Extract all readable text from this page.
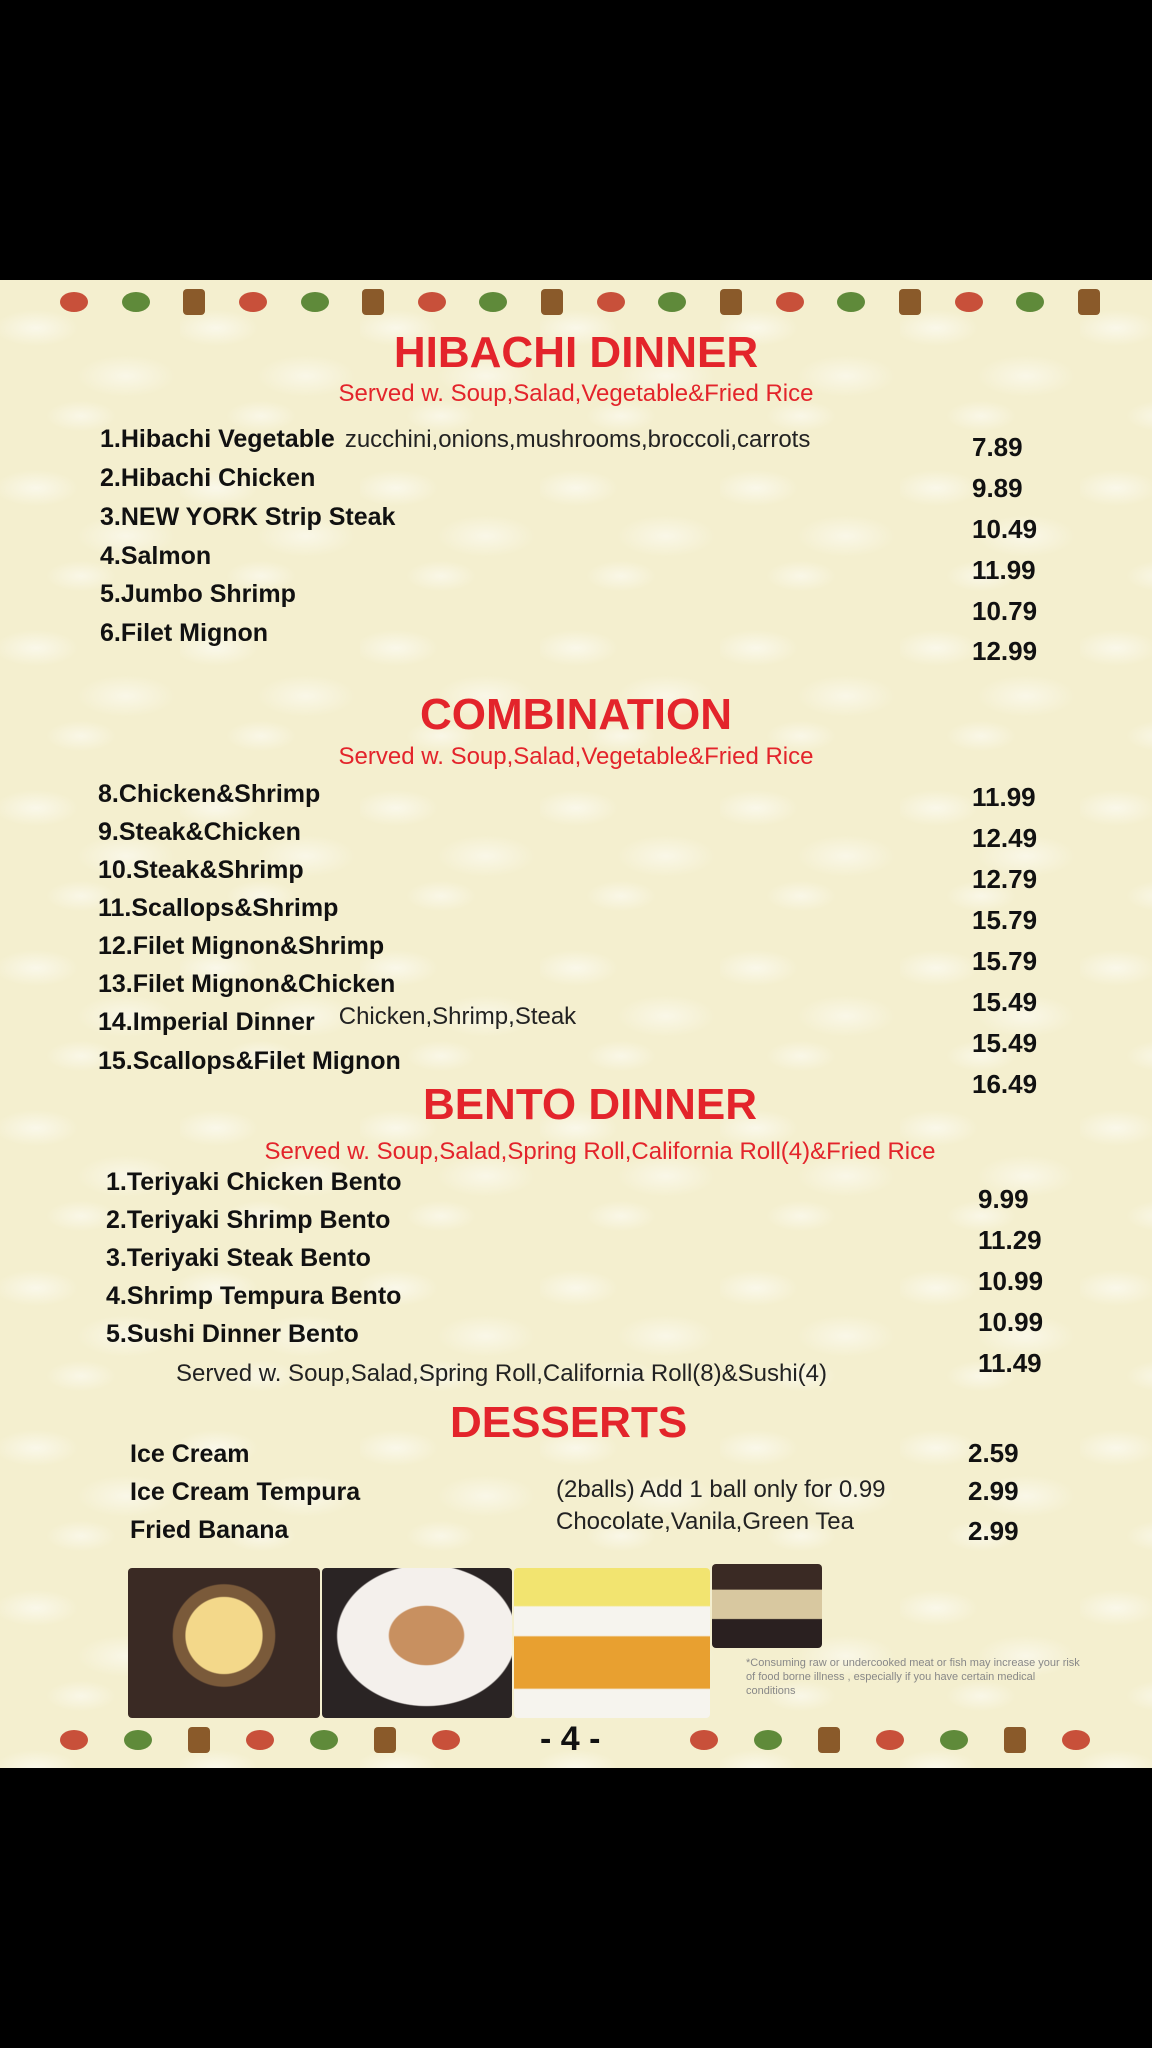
HIBACHI DINNER
Served w. Soup,Salad,Vegetable&Fried Rice
1.Hibachi Vegetable zucchini,onions,mushrooms,broccoli,carrots
2.Hibachi Chicken
3.NEW YORK Strip Steak
4.Salmon
5.Jumbo Shrimp
6.Filet Mignon
7.89
9.89
10.49
11.99
10.79
12.99
COMBINATION
Served w. Soup,Salad,Vegetable&Fried Rice
8.Chicken&Shrimp
9.Steak&Chicken
10.Steak&Shrimp
11.Scallops&Shrimp
12.Filet Mignon&Shrimp
13.Filet Mignon&Chicken
14.Imperial Dinner Chicken,Shrimp,Steak
15.Scallops&Filet Mignon
11.99
12.49
12.79
15.79
15.79
15.49
15.49
16.49
BENTO DINNER
Served w. Soup,Salad,Spring Roll,California Roll(4)&Fried Rice
1.Teriyaki Chicken Bento
2.Teriyaki Shrimp Bento
3.Teriyaki Steak Bento
4.Shrimp Tempura Bento
5.Sushi Dinner Bento
Served w. Soup,Salad,Spring Roll,California Roll(8)&Sushi(4)
9.99
11.29
10.99
10.99
11.49
DESSERTS
Ice Cream
Ice Cream Tempura
Fried Banana
(2balls) Add 1 ball only for 0.99
Chocolate,Vanila,Green Tea
2.59
2.99
2.99
*Consuming raw or undercooked meat or fish may increase your risk of food borne illness , especially if you have certain medical conditions
- 4 -
